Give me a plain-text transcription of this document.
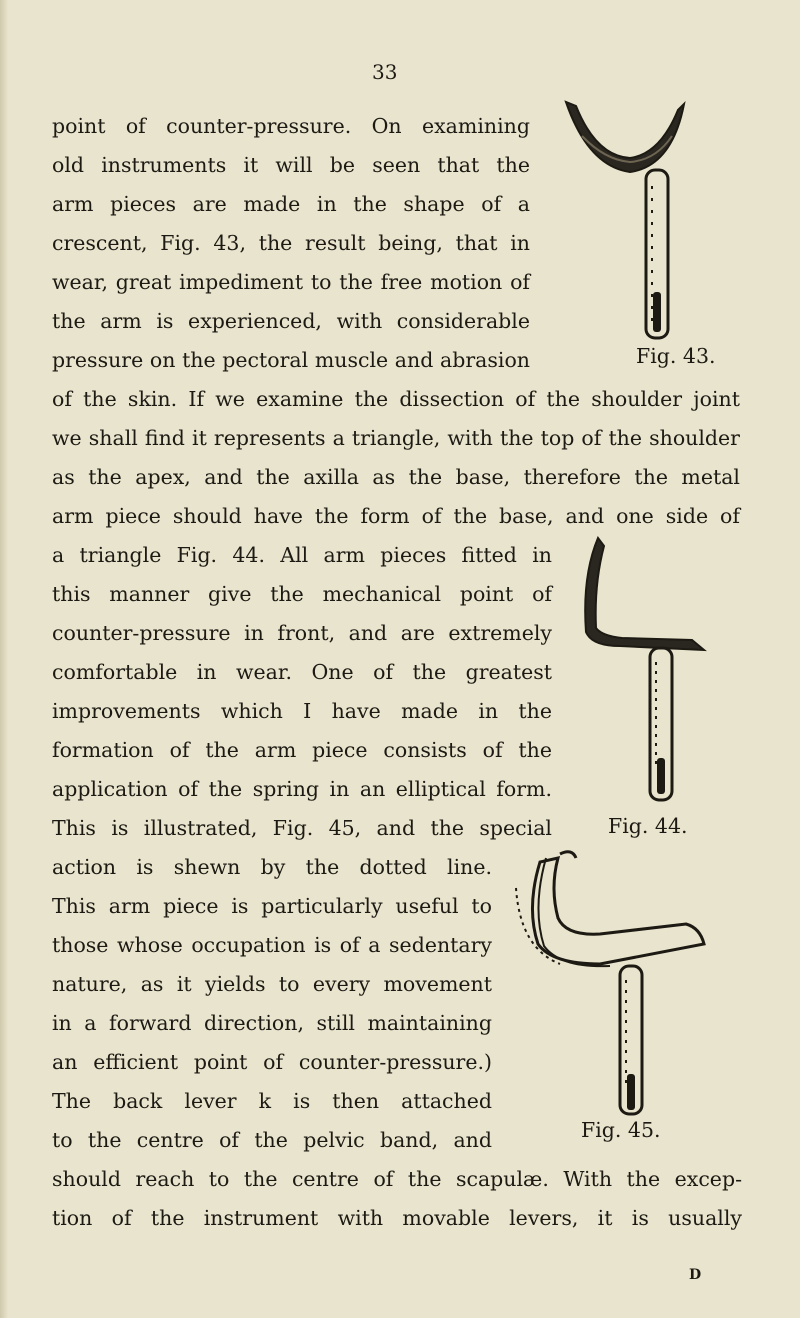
33
point of counter-pressure. On examining
old instruments it will be seen that the
arm pieces are made in the shape of a
crescent, Fig. 43, the result being, that in
wear, great impediment to the free motion of
the arm is experienced, with considerable
pressure on the pectoral muscle and abrasion
of the skin. If we examine the dissection of the shoulder joint
we shall find it represents a triangle, with the top of the shoulder
as the apex, and the axilla as the base, therefore the metal
arm piece should have the form of the base, and one side of
a triangle Fig. 44. All arm pieces fitted in
this manner give the mechanical point of
counter-pressure in front, and are extremely
comfortable in wear. One of the greatest
improvements which I have made in the
formation of the arm piece consists of the
application of the spring in an elliptical form.
This is illustrated, Fig. 45, and the special
action is shewn by the dotted line.
This arm piece is particularly useful to
those whose occupation is of a sedentary
nature, as it yields to every movement
in a forward direction, still maintaining
an efficient point of counter-pressure.)
The back lever k is then attached
to the centre of the pelvic band, and
should reach to the centre of the scapulæ. With the excep-
tion of the instrument with movable levers, it is usually
D
Fig. 43.
Fig. 44.
Fig. 45.
